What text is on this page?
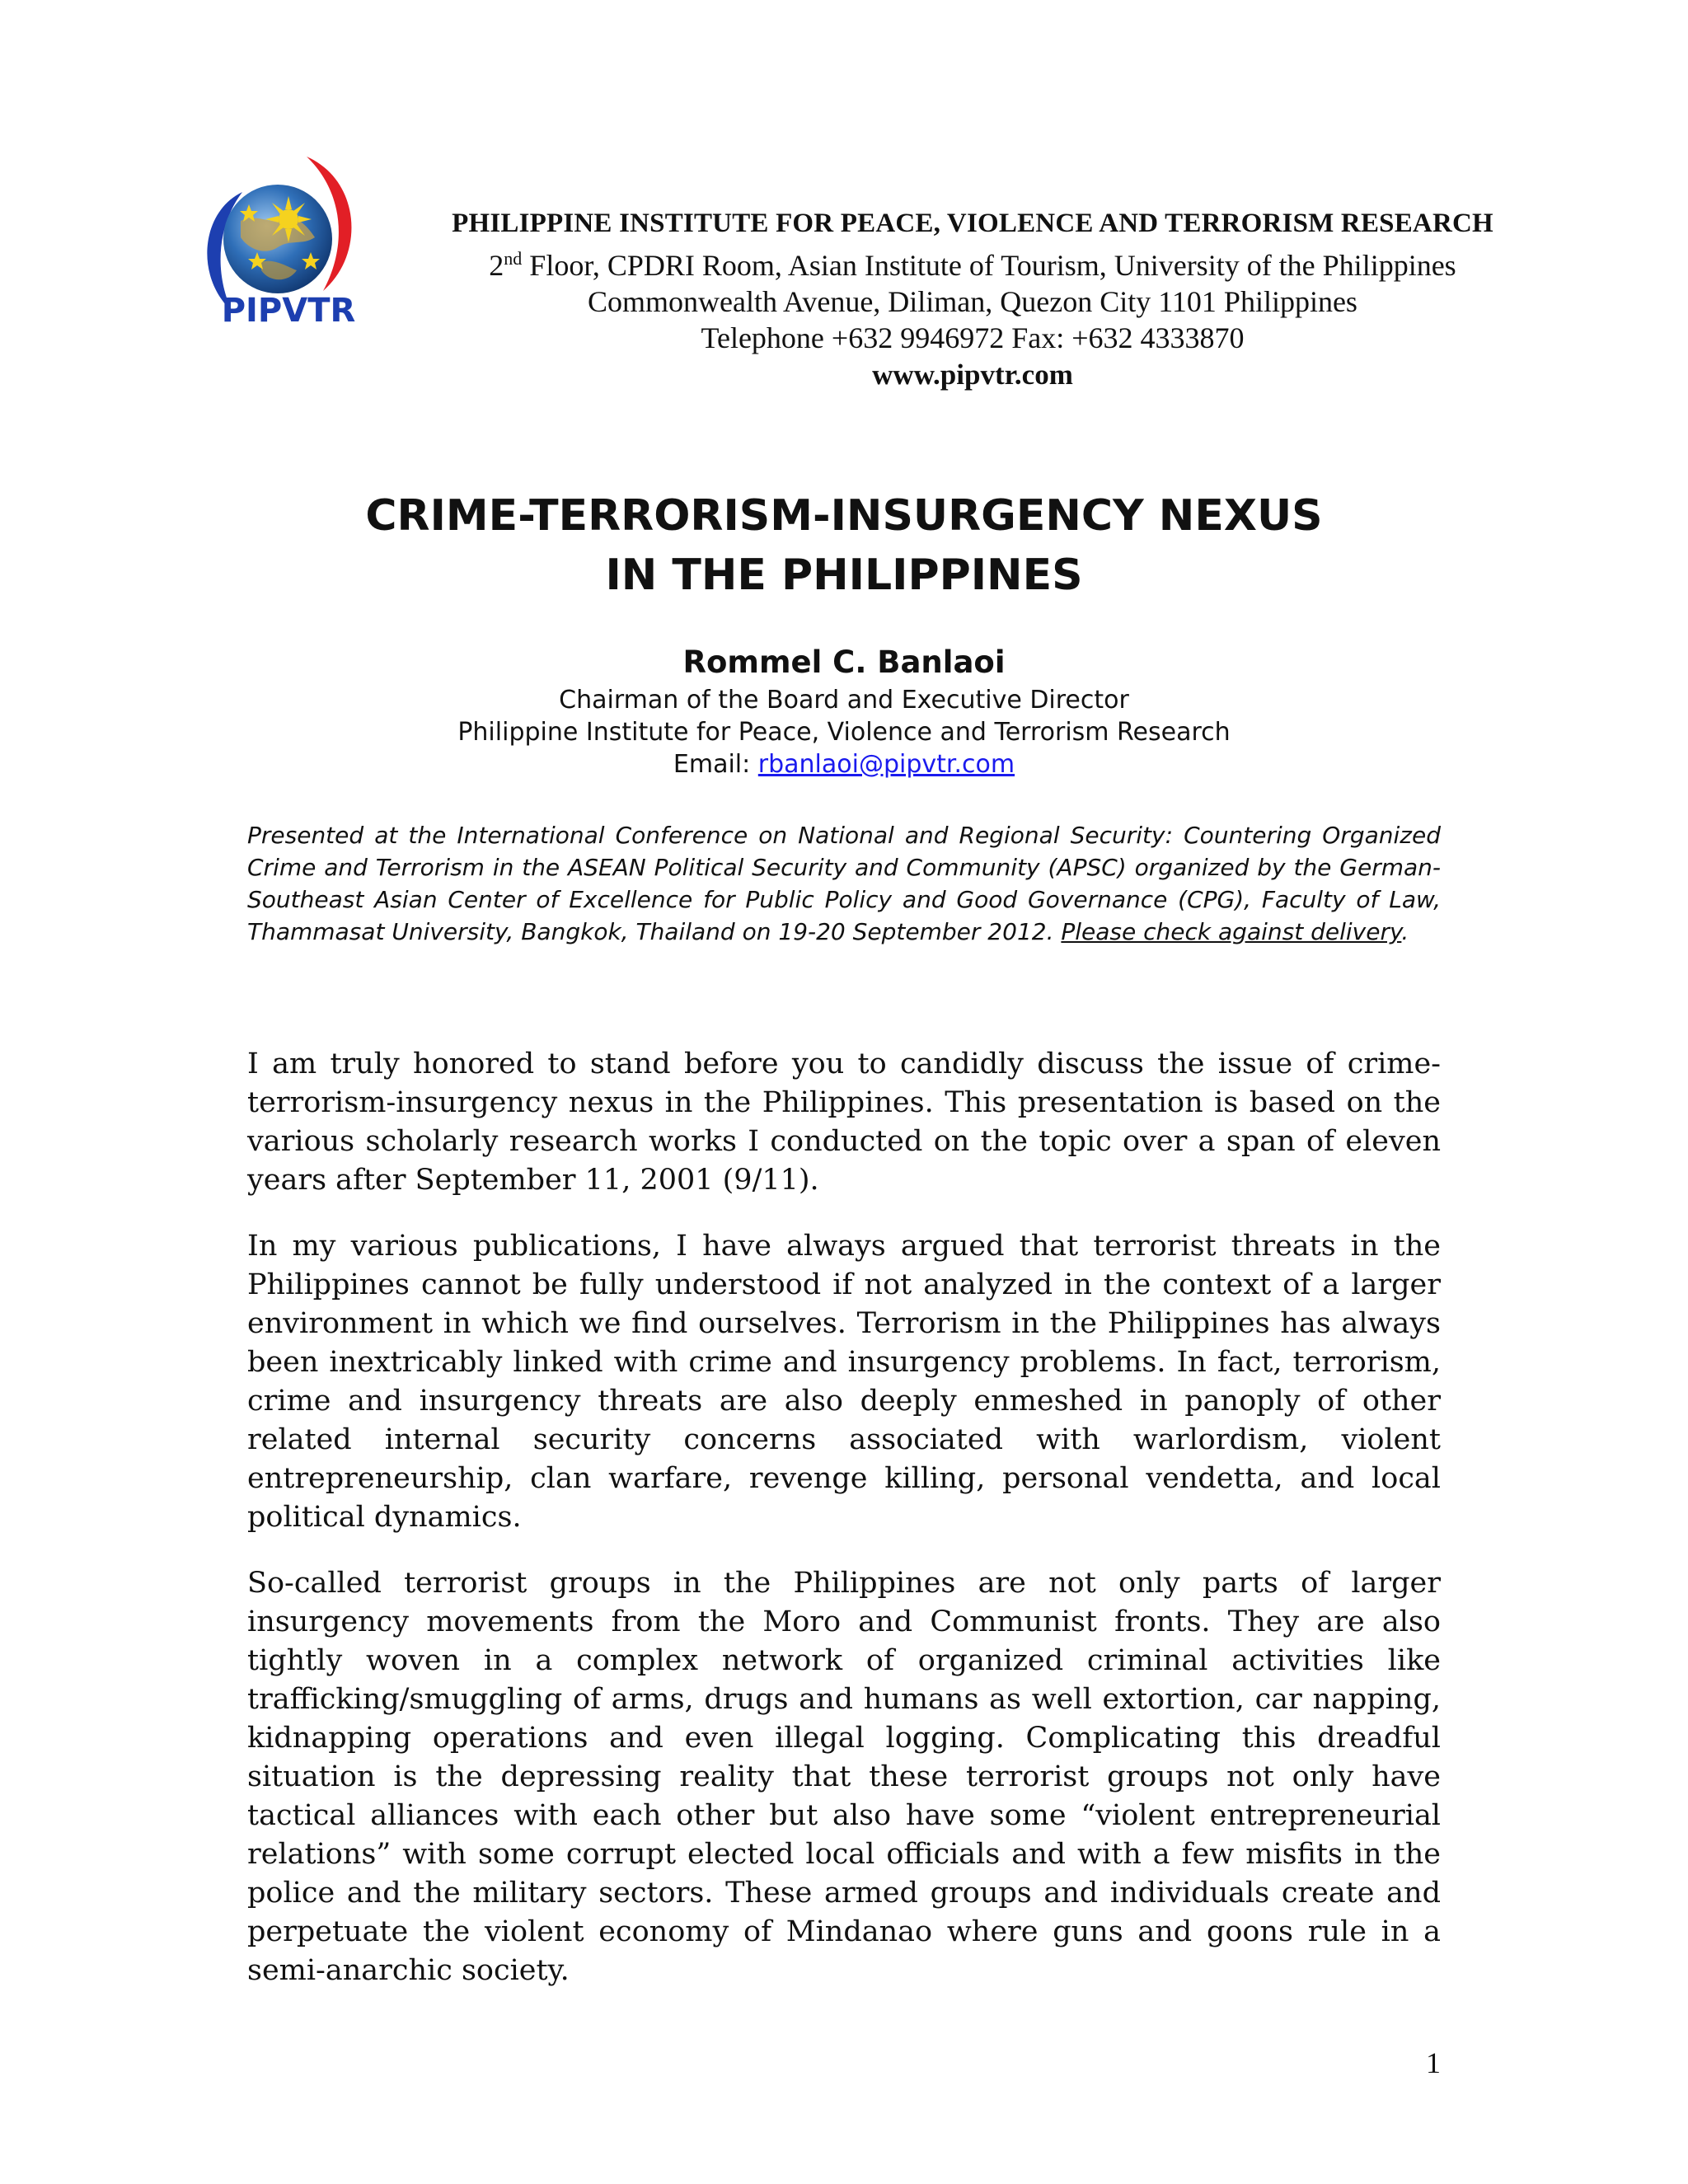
PIPVTR
PHILIPPINE INSTITUTE FOR PEACE, VIOLENCE AND TERRORISM RESEARCH
2nd Floor, CPDRI Room, Asian Institute of Tourism, University of the Philippines
Commonwealth Avenue, Diliman, Quezon City 1101 Philippines
Telephone +632 9946972 Fax: +632 4333870
www.pipvtr.com
CRIME-TERRORISM-INSURGENCY NEXUS
IN THE PHILIPPINES
Rommel C. Banlaoi
Chairman of the Board and Executive Director
Philippine Institute for Peace, Violence and Terrorism Research
Email: rbanlaoi@pipvtr.com
Presented at the International Conference on National and Regional Security: Countering Organized Crime and Terrorism in the ASEAN Political Security and Community (APSC) organized by the German-Southeast Asian Center of Excellence for Public Policy and Good Governance (CPG), Faculty of Law, Thammasat University, Bangkok, Thailand on 19-20 September 2012. Please check against delivery.

I am truly honored to stand before you to candidly discuss the issue of crime-terrorism-insurgency nexus in the Philippines. This presentation is based on the various scholarly research works I conducted on the topic over a span of eleven years after September 11, 2001 (9/11).

In my various publications, I have always argued that terrorist threats in the Philippines cannot be fully understood if not analyzed in the context of a larger environment in which we find ourselves. Terrorism in the Philippines has always been inextricably linked with crime and insurgency problems. In fact, terrorism, crime and insurgency threats are also deeply enmeshed in panoply of other related internal security concerns associated with warlordism, violent entrepreneurship, clan warfare, revenge killing, personal vendetta, and local political dynamics.

So-called terrorist groups in the Philippines are not only parts of larger insurgency movements from the Moro and Communist fronts. They are also tightly woven in a complex network of organized criminal activities like trafficking/smuggling of arms, drugs and humans as well extortion, car napping, kidnapping operations and even illegal logging. Complicating this dreadful situation is the depressing reality that these terrorist groups not only have tactical alliances with each other but also have some “violent entrepreneurial relations” with some corrupt elected local officials and with a few misfits in the police and the military sectors. These armed groups and individuals create and perpetuate the violent economy of Mindanao where guns and goons rule in a semi-anarchic society.

1
